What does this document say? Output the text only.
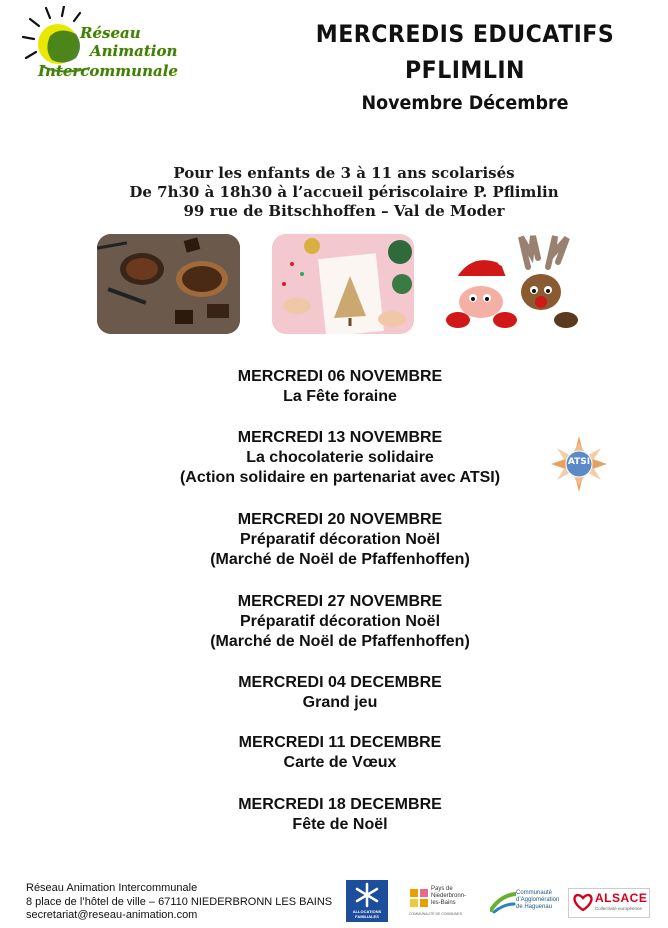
Réseau
Animation
Intercommunale
MERCREDIS EDUCATIFS
PFLIMLIN
Novembre Décembre
Pour les enfants de 3 à 11 ans scolarisés
De 7h30 à 18h30 à l’accueil périscolaire P. Pflimlin
99 rue de Bitschhoffen – Val de Moder
MERCREDI 06 NOVEMBRE
La Fête foraine
MERCREDI 13 NOVEMBRE
La chocolaterie solidaire
(Action solidaire en partenariat avec ATSI)
MERCREDI 20 NOVEMBRE
Préparatif décoration Noël
(Marché de Noël de Pfaffenhoffen)
MERCREDI 27 NOVEMBRE
Préparatif décoration Noël
(Marché de Noël de Pfaffenhoffen)
MERCREDI 04 DECEMBRE
Grand jeu
MERCREDI 11 DECEMBRE
Carte de Vœux
MERCREDI 18 DECEMBRE
Fête de Noël
ATSI
Réseau Animation Intercommunale
8 place de l’hôtel de ville – 67110 NIEDERBRONN LES BAINS
secretariat@reseau-animation.com	ALLOCATIONS FAMILIALES
Pays de
Niederbronn-
les-Bains
COMMUNAUTÉ DE COMMUNES
Communauté
d’Agglomération
de Haguenau
ALSACE
Collectivité européenne
